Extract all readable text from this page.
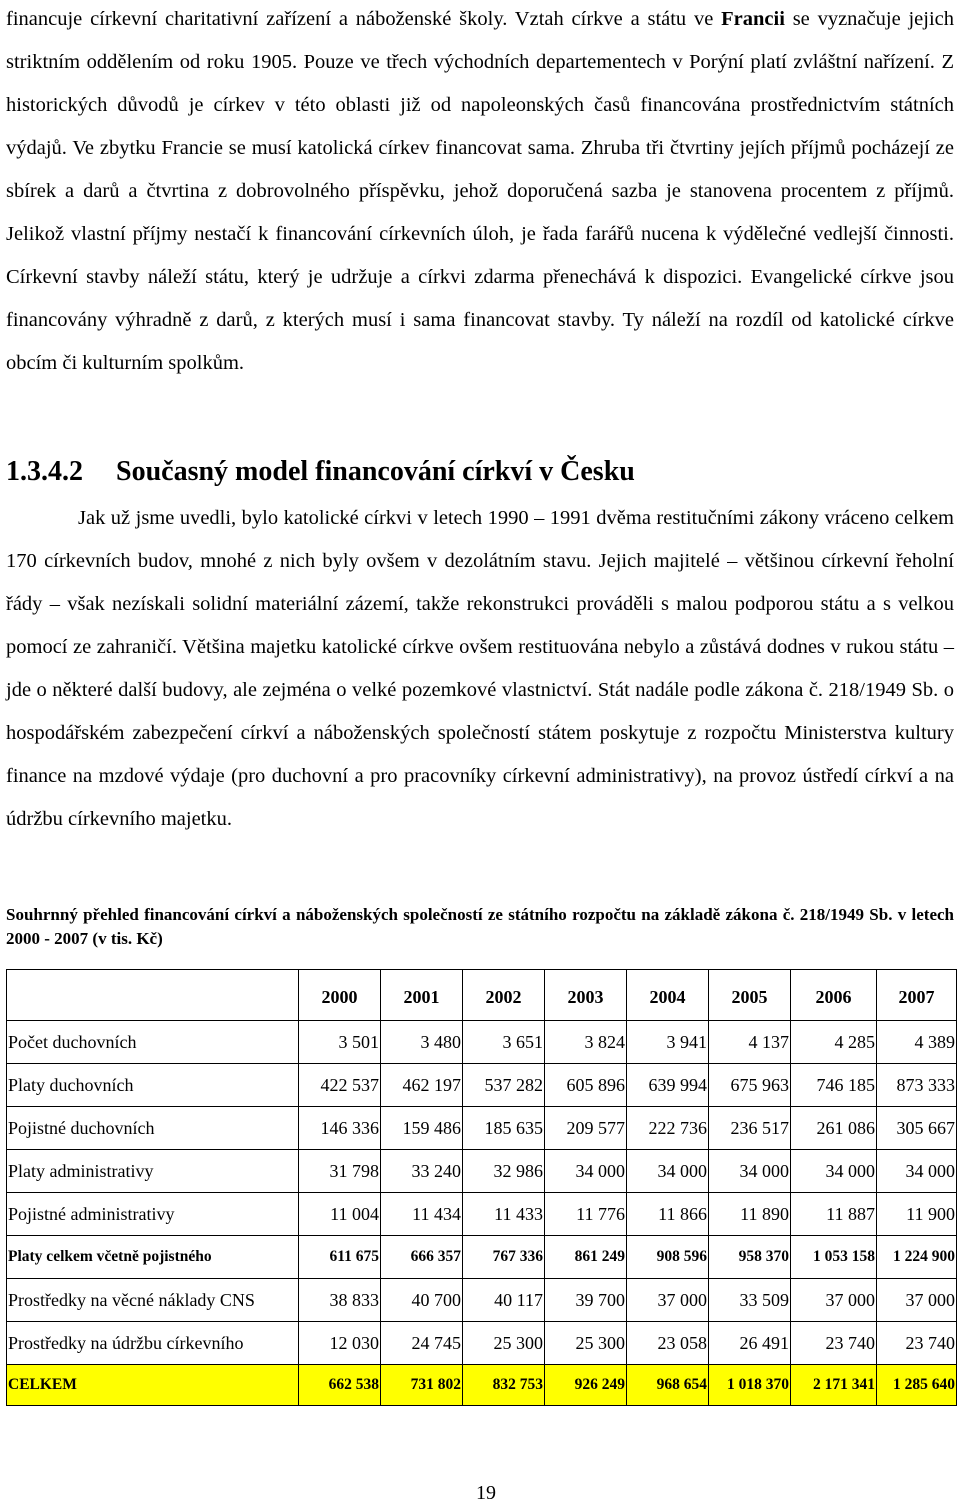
financuje církevní charitativní zařízení a náboženské školy. Vztah církve a státu ve Francii se vyznačuje jejich striktním oddělením od roku 1905. Pouze ve třech východních departementech v Porýní platí zvláštní nařízení. Z historických důvodů je církev v této oblasti již od napoleonských časů financována prostřednictvím státních výdajů. Ve zbytku Francie se musí katolická církev financovat sama. Zhruba tři čtvrtiny jejích příjmů pocházejí ze sbírek a darů a čtvrtina z dobrovolného příspěvku, jehož doporučená sazba je stanovena procentem z příjmů. Jelikož vlastní příjmy nestačí k financování církevních úloh, je řada farářů nucena k výdělečné vedlejší činnosti. Církevní stavby náleží státu, který je udržuje a církvi zdarma přenechává k dispozici. Evangelické církve jsou financovány výhradně z darů, z kterých musí i sama financovat stavby. Ty náleží na rozdíl od katolické církve obcím či kulturním spolkům.

1.3.4.2 Současný model financování církví v Česku

Jak už jsme uvedli, bylo katolické církvi v letech 1990 – 1991 dvěma restitučními zákony vráceno celkem 170 církevních budov, mnohé z nich byly ovšem v dezolátním stavu. Jejich majitelé – většinou církevní řeholní řády – však nezískali solidní materiální zázemí, takže rekonstrukci prováděli s malou podporou státu a s velkou pomocí ze zahraničí. Většina majetku katolické církve ovšem restituována nebylo a zůstává dodnes v rukou státu – jde o některé další budovy, ale zejména o velké pozemkové vlastnictví. Stát nadále podle zákona č. 218/1949 Sb. o hospodářském zabezpečení církví a náboženských společností státem poskytuje z rozpočtu Ministerstva kultury finance na mzdové výdaje (pro duchovní a pro pracovníky církevní administrativy), na provoz ústředí církví a na údržbu církevního majetku.

Souhrnný přehled financování církví a náboženských společností ze státního rozpočtu na základě zákona č. 218/1949 Sb. v letech 2000 - 2007 (v tis. Kč)
	2000	2001	2002	2003	2004	2005	2006	2007
Počet duchovních	3 501	3 480	3 651	3 824	3 941	4 137	4 285	4 389
Platy duchovních	422 537	462 197	537 282	605 896	639 994	675 963	746 185	873 333
Pojistné duchovních	146 336	159 486	185 635	209 577	222 736	236 517	261 086	305 667
Platy administrativy	31 798	33 240	32 986	34 000	34 000	34 000	34 000	34 000
Pojistné administrativy	11 004	11 434	11 433	11 776	11 866	11 890	11 887	11 900
Platy celkem včetně pojistného	611 675	666 357	767 336	861 249	908 596	958 370	1 053 158	1 224 900
Prostředky na věcné náklady CNS	38 833	40 700	40 117	39 700	37 000	33 509	37 000	37 000
Prostředky na údržbu církevního	12 030	24 745	25 300	25 300	23 058	26 491	23 740	23 740
CELKEM	662 538	731 802	832 753	926 249	968 654	1 018 370	2 171 341	1 285 640
19
